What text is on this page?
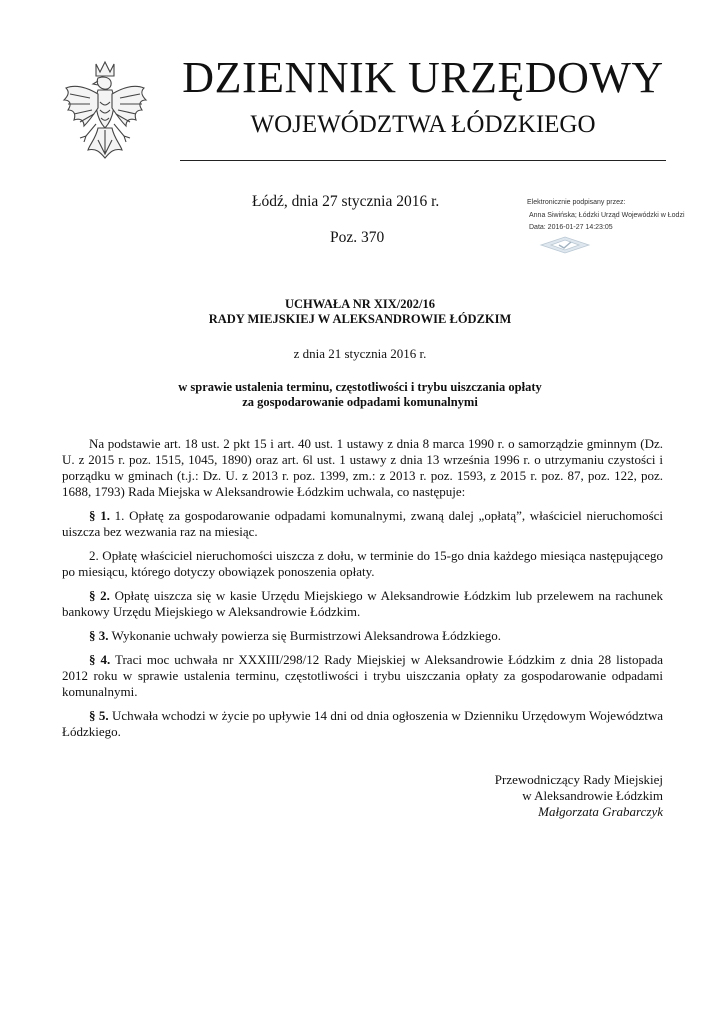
DZIENNIK URZĘDOWY
WOJEWÓDZTWA ŁÓDZKIEGO
Łódź, dnia 27 stycznia 2016 r.
Poz. 370
Elektronicznie podpisany przez:
Anna Siwińska; Łódzki Urząd Wojewódzki w Łodzi
Data: 2016-01-27 14:23:05
UCHWAŁA NR XIX/202/16
RADY MIEJSKIEJ W ALEKSANDROWIE ŁÓDZKIM
z dnia 21 stycznia 2016 r.
w sprawie ustalenia terminu, częstotliwości i trybu uiszczania opłaty
za gospodarowanie odpadami komunalnymi

Na podstawie art. 18 ust. 2 pkt 15 i art. 40 ust. 1 ustawy z dnia 8 marca 1990 r. o samorządzie gminnym (Dz. U. z 2015 r. poz. 1515, 1045, 1890) oraz art. 6l ust. 1 ustawy z dnia 13 września 1996 r. o utrzymaniu czystości i porządku w gminach (t.j.: Dz. U. z 2013 r. poz. 1399, zm.: z 2013 r. poz. 1593, z 2015 r. poz. 87, poz. 122, poz. 1688, 1793) Rada Miejska w Aleksandrowie Łódzkim uchwala, co następuje:

§ 1. 1. Opłatę za gospodarowanie odpadami komunalnymi, zwaną dalej „opłatą”, właściciel nieruchomości uiszcza bez wezwania raz na miesiąc.

2. Opłatę właściciel nieruchomości uiszcza z dołu, w terminie do 15-go dnia każdego miesiąca następującego po miesiącu, którego dotyczy obowiązek ponoszenia opłaty.

§ 2. Opłatę uiszcza się w kasie Urzędu Miejskiego w Aleksandrowie Łódzkim lub przelewem na rachunek bankowy Urzędu Miejskiego w Aleksandrowie Łódzkim.

§ 3. Wykonanie uchwały powierza się Burmistrzowi Aleksandrowa Łódzkiego.

§ 4. Traci moc uchwała nr XXXIII/298/12 Rady Miejskiej w Aleksandrowie Łódzkim z dnia 28 listopada 2012 roku w sprawie ustalenia terminu, częstotliwości i trybu uiszczania opłaty za gospodarowanie odpadami komunalnymi.

§ 5. Uchwała wchodzi w życie po upływie 14 dni od dnia ogłoszenia w Dzienniku Urzędowym Województwa Łódzkiego.

Przewodniczący Rady Miejskiej
w Aleksandrowie Łódzkim
Małgorzata Grabarczyk
